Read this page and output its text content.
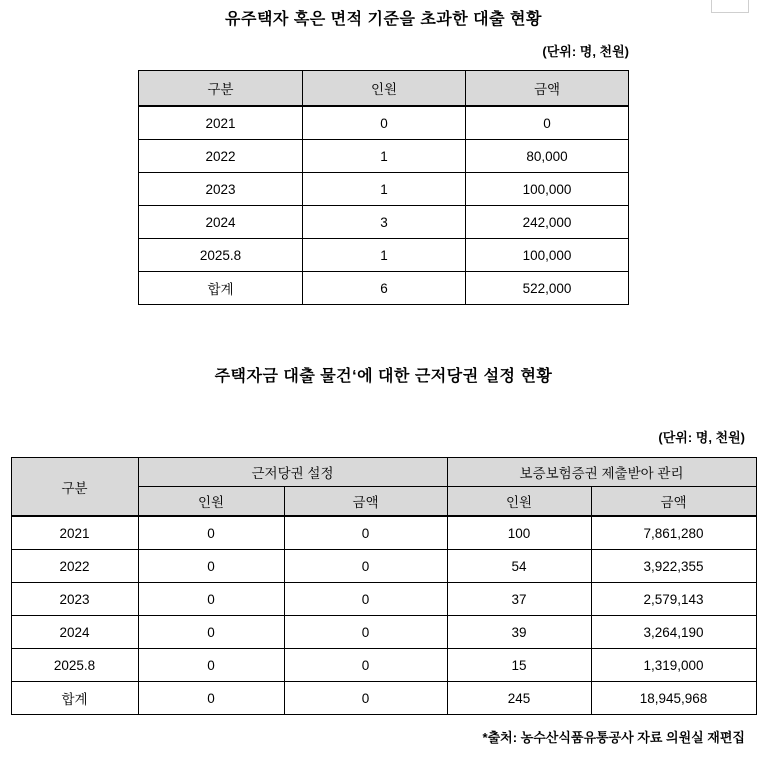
유주택자 혹은 면적 기준을 초과한 대출 현황
(단위: 명, 천원)
구분	인원	금액
2021	0	0
2022	1	80,000
2023	1	100,000
2024	3	242,000
2025.8	1	100,000
합계	6	522,000
주택자금 대출 물건‘에 대한 근저당권 설정 현황
(단위: 명, 천원)
구분	근저당권 설정		보증보험증권 제출받아 관리	
	인원	금액	인원	금액
2021	0	0	100	7,861,280
2022	0	0	54	3,922,355
2023	0	0	37	2,579,143
2024	0	0	39	3,264,190
2025.8	0	0	15	1,319,000
합계	0	0	245	18,945,968
*출처: 농수산식품유통공사 자료 의원실 재편집
